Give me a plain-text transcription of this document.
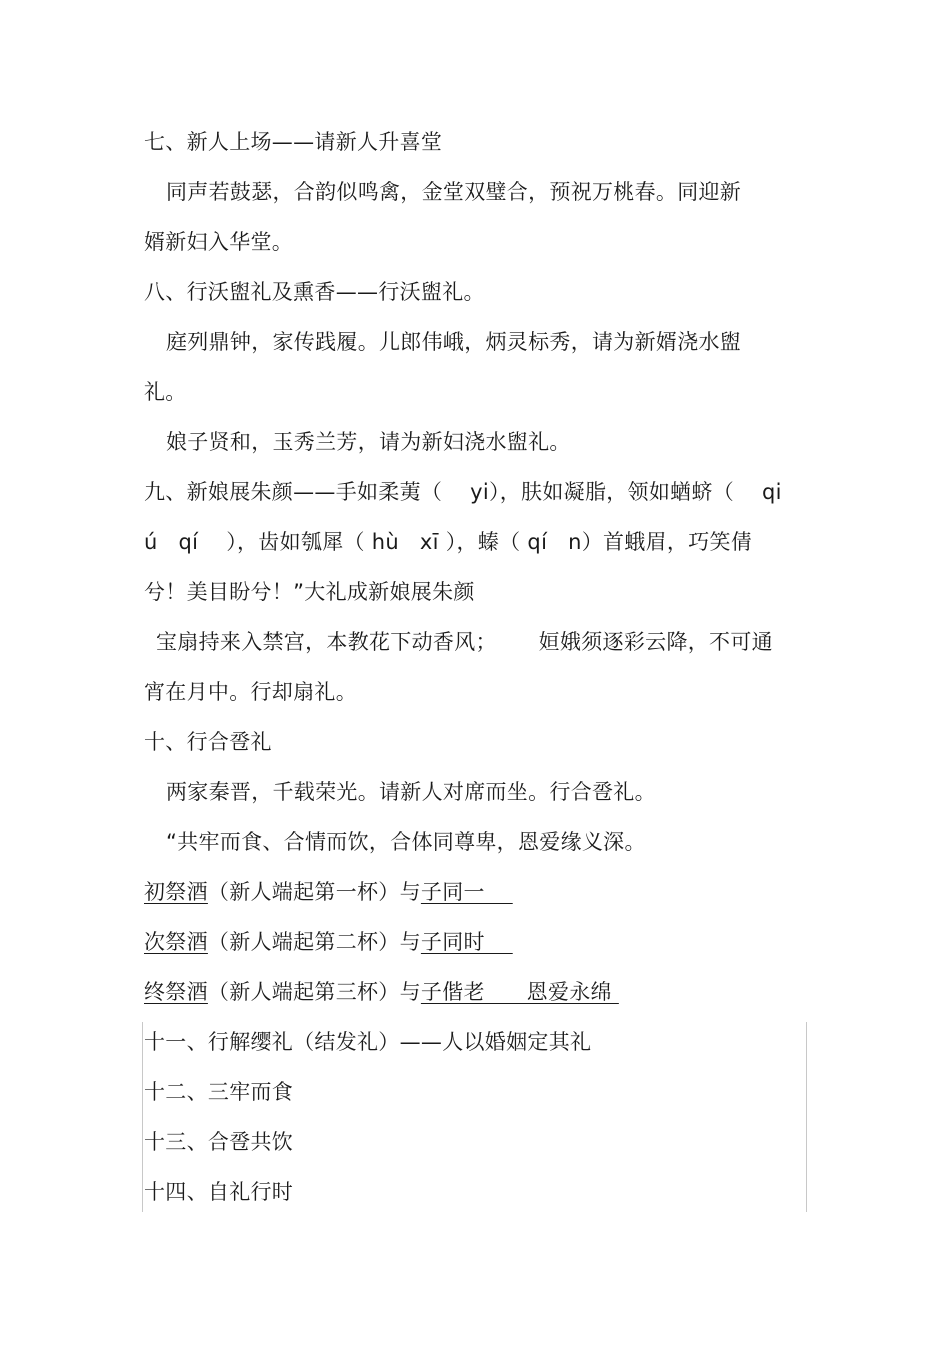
七、新人上场——请新人升喜堂
同声若鼓瑟，合韵似鸣禽，金堂双璧合，预祝万桃春。同迎新
婿新妇入华堂。
八、行沃盥礼及熏香——行沃盥礼。
庭列鼎钟，家传践履。儿郎伟峨，炳灵标秀，请为新婿浇水盥
礼。
娘子贤和，玉秀兰芳，请为新妇浇水盥礼。
九、新娘展朱颜——手如柔荑（    yi），肤如凝脂，领如蝤蛴（    qi
ú   qí    ），齿如瓠犀（ hù   xī ），螓（ qí   n）首蛾眉，巧笑倩
兮！美目盼兮！”大礼成新娘展朱颜
宝扇持来入禁宫，本教花下动香风；      姮娥须逐彩云降，不可通
宵在月中。行却扇礼。
十、行合卺礼
两家秦晋，千载荣光。请新人对席而坐。行合卺礼。
“共牢而食、合情而饮，合体同尊卑，恩爱缘义深。
初祭酒（新人端起第一杯）与子同一
次祭酒（新人端起第二杯）与子同时
终祭酒（新人端起第三杯）与子偕老      恩爱永绵
十一、行解缨礼（结发礼）——人以婚姻定其礼
十二、三牢而食
十三、合卺共饮
十四、自礼行时
